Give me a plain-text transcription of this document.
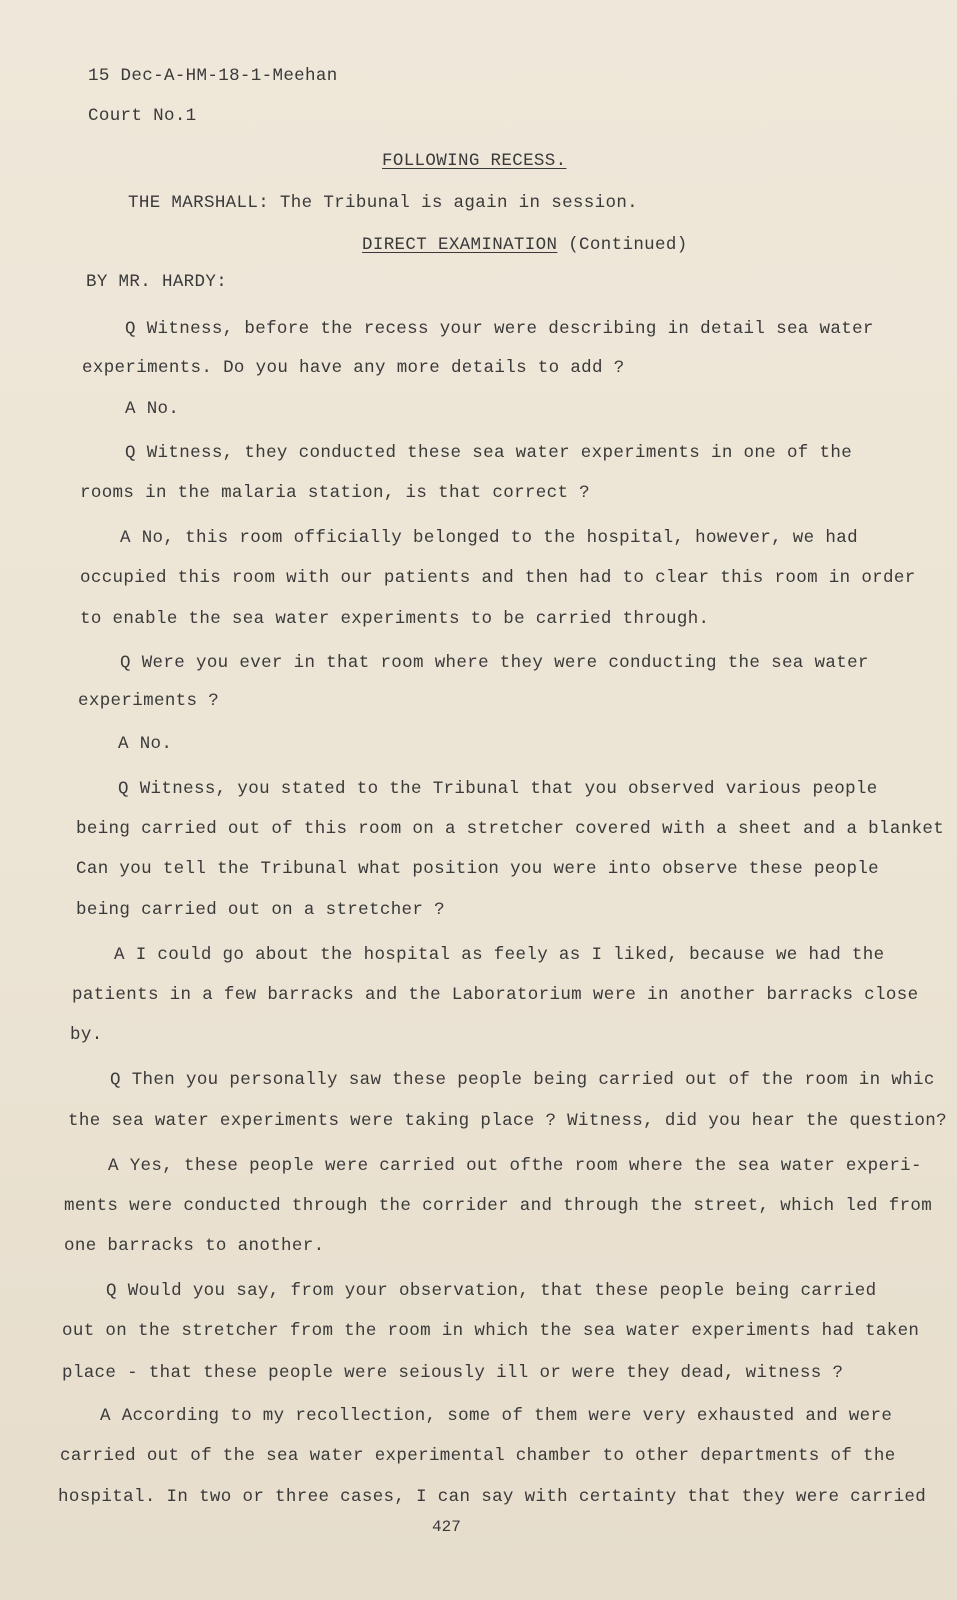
15 Dec-A-HM-18-1-Meehan
Court No.1
FOLLOWING RECESS.
THE MARSHALL: The Tribunal is again in session.
DIRECT EXAMINATION (Continued)
BY MR. HARDY:
Q Witness, before the recess your were describing in detail sea water
experiments. Do you have any more details to add ?
A No.
Q Witness, they conducted these sea water experiments in one of the
rooms in the malaria station, is that correct ?
A No, this room officially belonged to the hospital, however, we had
occupied this room with our patients and then had to clear this room in order
to enable the sea water experiments to be carried through.
Q Were you ever in that room where they were conducting the sea water
experiments ?
A No.
Q Witness, you stated to the Tribunal that you observed various people
being carried out of this room on a stretcher covered with a sheet and a blanket
Can you tell the Tribunal what position you were into observe these people
being carried out on a stretcher ?
A I could go about the hospital as feely as I liked, because we had the
patients in a few barracks and the Laboratorium were in another barracks close
by.
Q Then you personally saw these people being carried out of the room in whic
the sea water experiments were taking place ? Witness, did you hear the question?
A Yes, these people were carried out ofthe room where the sea water experi-
ments were conducted through the corrider and through the street, which led from
one barracks to another.
Q Would you say, from your observation, that these people being carried
out on the stretcher from the room in which the sea water experiments had taken
place - that these people were seiously ill or were they dead, witness ?
A According to my recollection, some of them were very exhausted and were
carried out of the sea water experimental chamber to other departments of the
hospital. In two or three cases, I can say with certainty that they were carried
427
